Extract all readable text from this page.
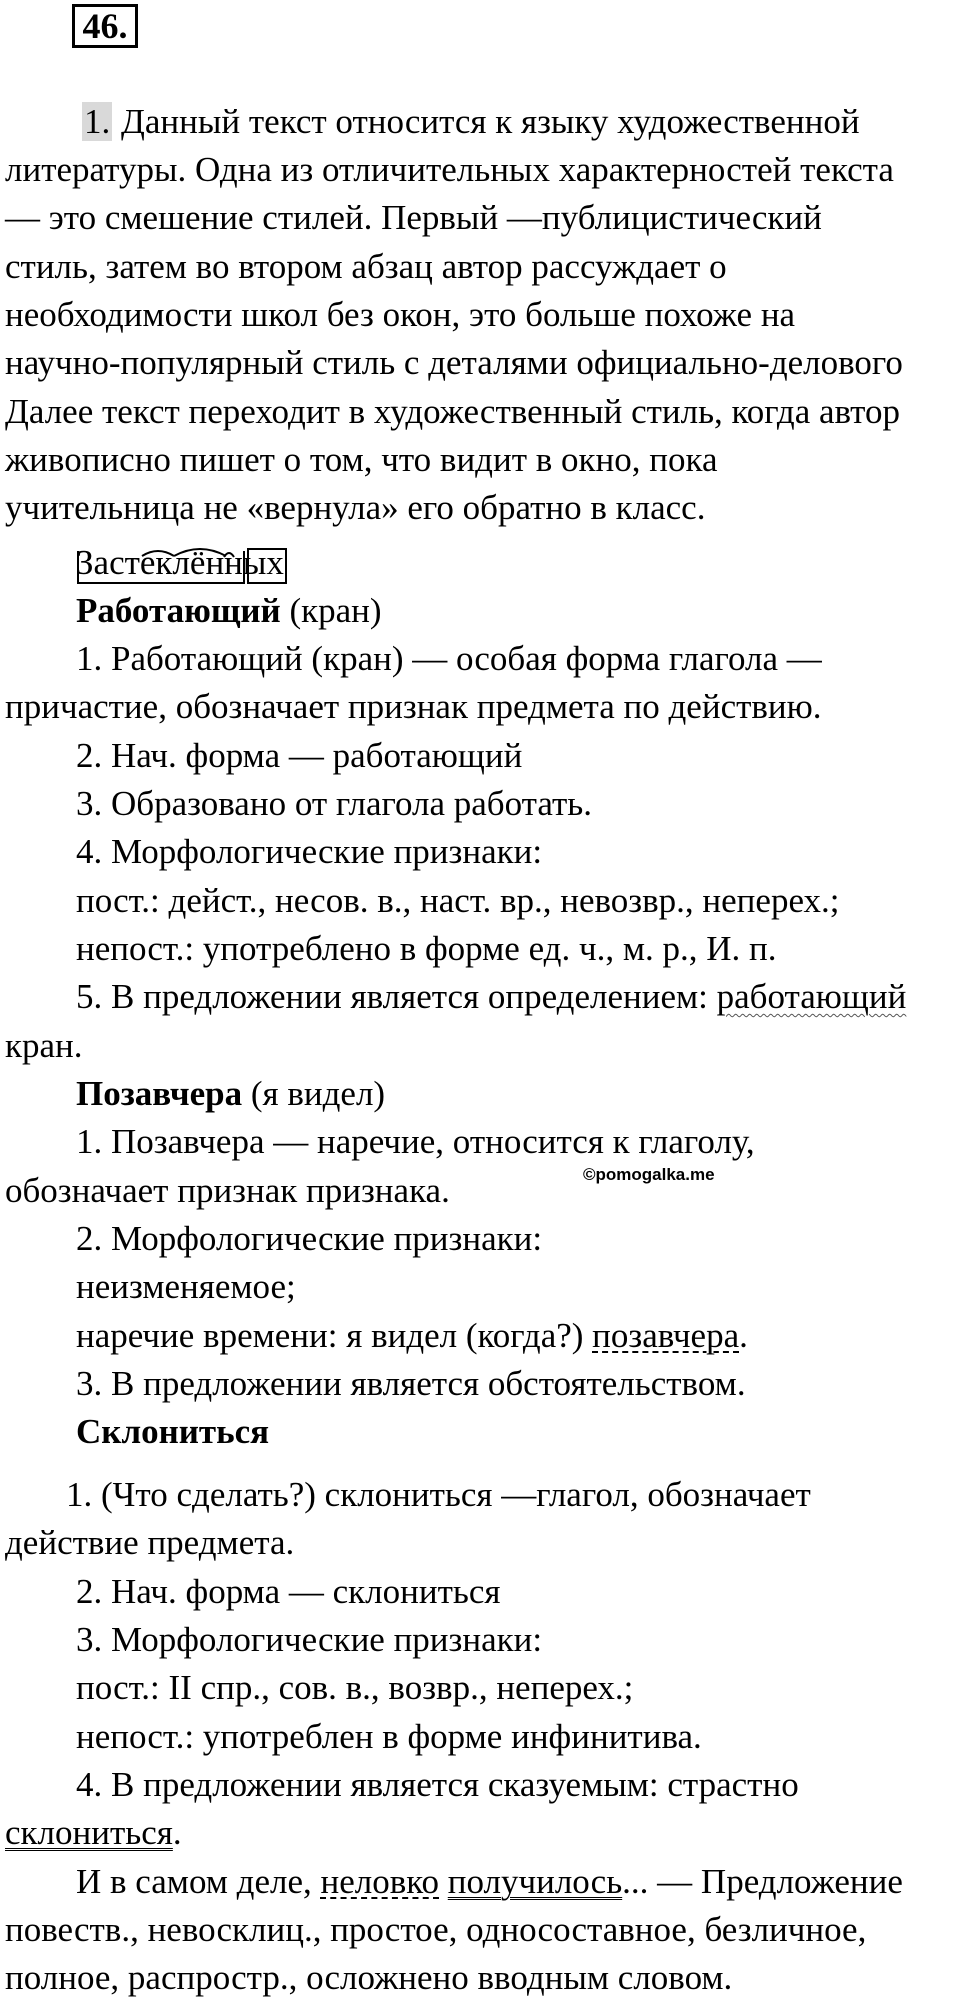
46.
1. Данный текст относится к языку художественной
литературы. Одна из отличительных характерностей текста
— это смешение стилей. Первый —публицистический
стиль, затем во втором абзац автор рассуждает о
необходимости школ без окон, это больше похоже на
научно-популярный стиль с деталями официально-делового
Далее текст переходит в художественный стиль, когда автор
живописно пишет о том, что видит в окно, пока
учительница не «вернула» его обратно в класс.
Застеклённых
Работающий (кран)
1. Работающий (кран) — особая форма глагола —
причастие, обозначает признак предмета по действию.
2. Нач. форма — работающий
3. Образовано от глагола работать.
4. Морфологические признаки:
пост.: дейст., несов. в., наст. вр., невозвр., неперех.;
непост.: употреблено в форме ед. ч., м. р., И. п.
5. В предложении является определением: работающий
кран.
Позавчера (я видел)
1. Позавчера — наречие, относится к глаголу,
обозначает признак признака.	©pomogalka.me
2. Морфологические признаки:
неизменяемое;
наречие времени: я видел (когда?) позавчера.
3. В предложении является обстоятельством.
Склониться
1. (Что сделать?) склониться —глагол, обозначает
действие предмета.
2. Нач. форма — склониться
3. Морфологические признаки:
пост.: II спр., сов. в., возвр., неперех.;
непост.: употреблен в форме инфинитива.
4. В предложении является сказуемым: страстно
склониться.
И в самом деле, неловко получилось... — Предложение
повеств., невосклиц., простое, односоставное, безличное,
полное, распростр., осложнено вводным словом.
